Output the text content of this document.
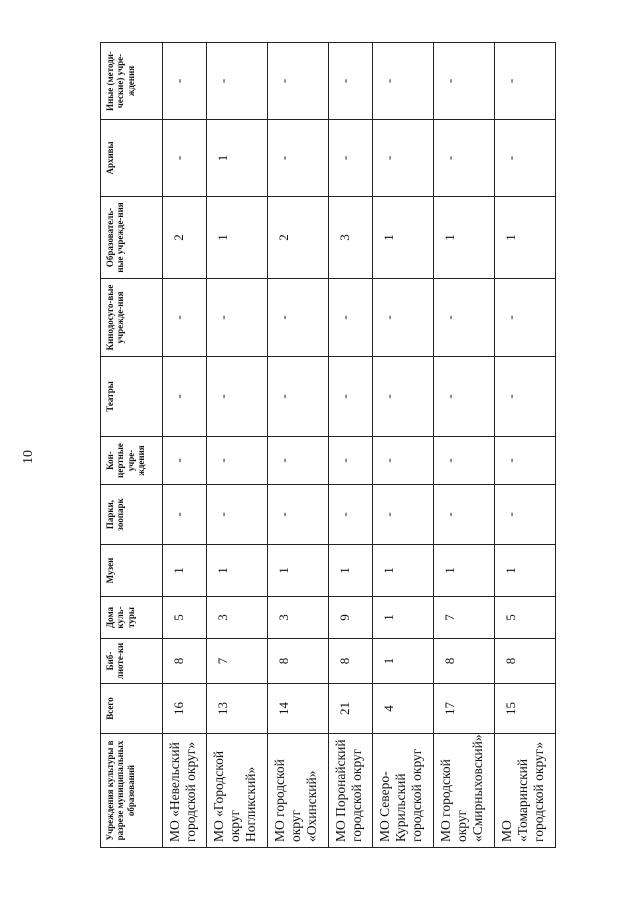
10
Учреждения культуры в разрезе муниципальных образований	Всего	Биб-лиоте-ки	Дома куль-туры	Музеи	Парки, зоопарк	Кон-цертные учре-ждения	Театры	Кинодосуго-вые учрежде-ния	Образователь-ные учрежде-ния	Архивы	Иные (методи-ческие) учре-ждения
МО «Невельский городской округ»	16	8	5	1	-	-	-	-	2	-	-
МО «Городской округ Ногликский»	13	7	3	1	-	-	-	-	1	1	-
МО городской округ «Охинский»	14	8	3	1	-	-	-	-	2	-	-
МО Поронайский городской округ	21	8	9	1	-	-	-	-	3	-	-
МО Северо-Курильский городской округ	4	1	1	1	-	-	-	-	1	-	-
МО городской округ «Смирныховский»	17	8	7	1	-	-	-	-	1	-	-
МО «Томаринский городской округ»	15	8	5	1	-	-	-	-	1	-	-
